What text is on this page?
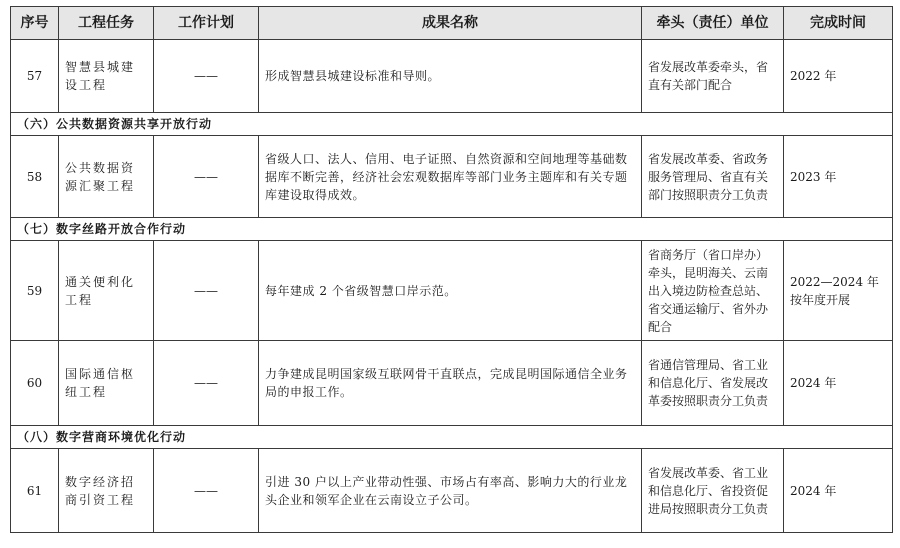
序号	工程任务	工作计划	成果名称	牵头（责任）单位	完成时间
57	智慧县城建设工程	——	形成智慧县城建设标准和导则。	省发展改革委牵头，省直有关部门配合	2022 年
（六）公共数据资源共享开放行动					
58	公共数据资源汇聚工程	——	省级人口、法人、信用、电子证照、自然资源和空间地理等基础数据库不断完善，经济社会宏观数据库等部门业务主题库和有关专题库建设取得成效。	省发展改革委、省政务服务管理局、省直有关部门按照职责分工负责	2023 年
（七）数字丝路开放合作行动					
59	通关便利化工程	——	每年建成 2 个省级智慧口岸示范。	省商务厅（省口岸办）牵头，昆明海关、云南出入境边防检查总站、省交通运输厅、省外办配合	2022—2024 年按年度开展
60	国际通信枢纽工程	——	力争建成昆明国家级互联网骨干直联点，完成昆明国际通信全业务局的申报工作。	省通信管理局、省工业和信息化厅、省发展改革委按照职责分工负责	2024 年
（八）数字营商环境优化行动					
61	数字经济招商引资工程	——	引进 30 户以上产业带动性强、市场占有率高、影响力大的行业龙头企业和领军企业在云南设立子公司。	省发展改革委、省工业和信息化厅、省投资促进局按照职责分工负责	2024 年
